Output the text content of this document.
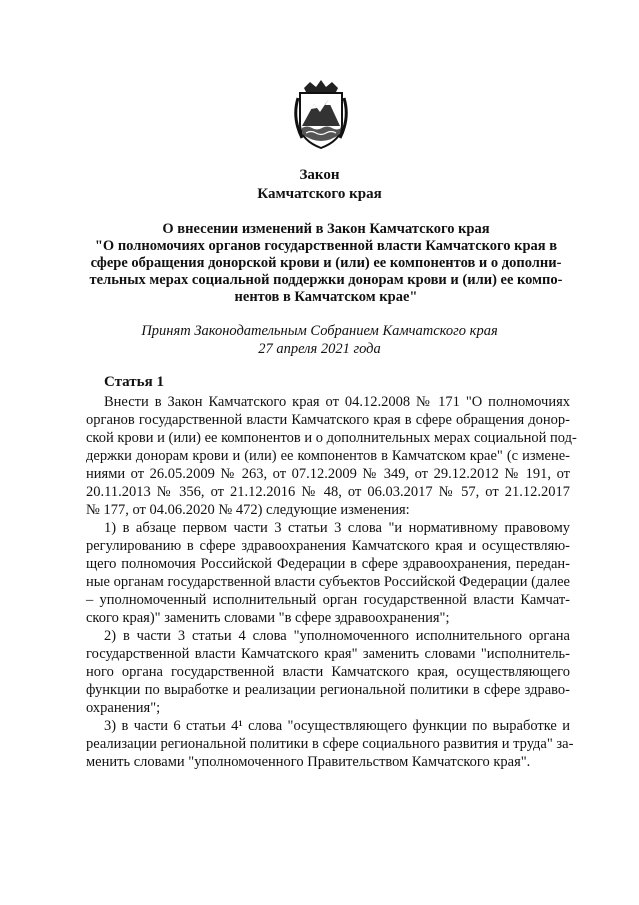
Закон
Камчатского края
О внесении изменений в Закон Камчатского края
"О полномочиях органов государственной власти Камчатского края в
сфере обращения донорской крови и (или) ее компонентов и о дополни-
тельных мерах социальной поддержки донорам крови и (или) ее компо-
нентов в Камчатском крае"
Принят Законодательным Собранием Камчатского края
27 апреля 2021 года
Статья 1
Внести в Закон Камчатского края от 04.12.2008 № 171 "О полномочиях
органов государственной власти Камчатского края в сфере обращения донор-
ской крови и (или) ее компонентов и о дополнительных мерах социальной под-
держки донорам крови и (или) ее компонентов в Камчатском крае" (с измене-
ниями от 26.05.2009 № 263, от 07.12.2009 № 349, от 29.12.2012 № 191, от
20.11.2013 № 356, от 21.12.2016 № 48, от 06.03.2017 № 57, от 21.12.2017
№ 177, от 04.06.2020 № 472) следующие изменения:
1) в абзаце первом части 3 статьи 3 слова "и нормативному правовому
регулированию в сфере здравоохранения Камчатского края и осуществляю-
щего полномочия Российской Федерации в сфере здравоохранения, передан-
ные органам государственной власти субъектов Российской Федерации (далее
– уполномоченный исполнительный орган государственной власти Камчат-
ского края)" заменить словами "в сфере здравоохранения";
2) в части 3 статьи 4 слова "уполномоченного исполнительного органа
государственной власти Камчатского края" заменить словами "исполнитель-
ного органа государственной власти Камчатского края, осуществляющего
функции по выработке и реализации региональной политики в сфере здраво-
охранения";
3) в части 6 статьи 4¹ слова "осуществляющего функции по выработке и
реализации региональной политики в сфере социального развития и труда" за-
менить словами "уполномоченного Правительством Камчатского края".
